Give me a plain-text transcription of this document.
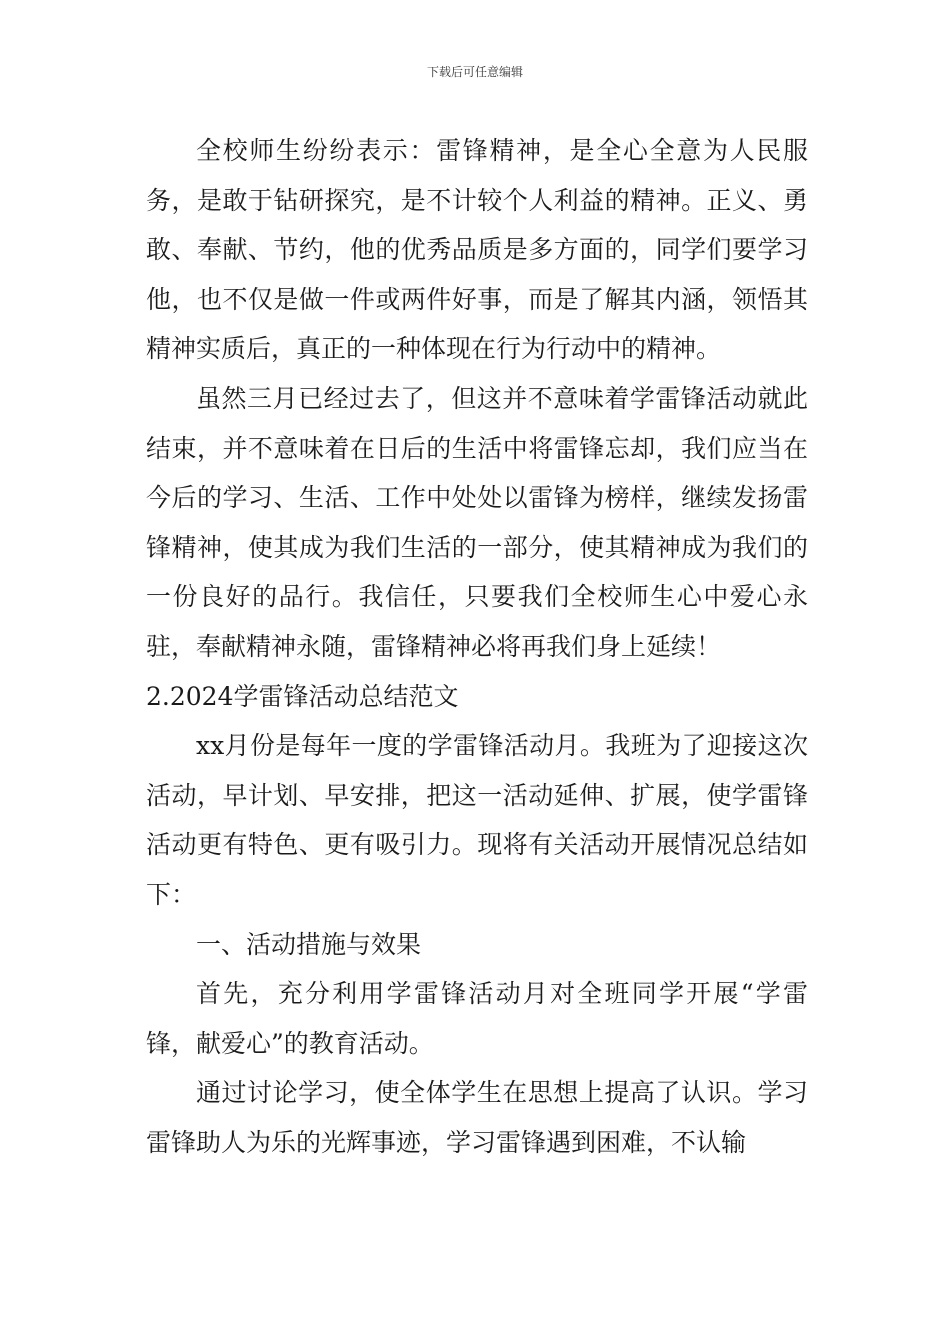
下载后可任意编辑

全校师生纷纷表示：雷锋精神，是全心全意为人民服务，是敢于钻研探究，是不计较个人利益的精神。正义、勇敢、奉献、节约，他的优秀品质是多方面的，同学们要学习他，也不仅是做一件或两件好事，而是了解其内涵，领悟其精神实质后，真正的一种体现在行为行动中的精神。

虽然三月已经过去了，但这并不意味着学雷锋活动就此结束，并不意味着在日后的生活中将雷锋忘却，我们应当在今后的学习、生活、工作中处处以雷锋为榜样，继续发扬雷锋精神，使其成为我们生活的一部分，使其精神成为我们的一份良好的品行。我信任，只要我们全校师生心中爱心永驻，奉献精神永随，雷锋精神必将再我们身上延续！

2.2024学雷锋活动总结范文

xx月份是每年一度的学雷锋活动月。我班为了迎接这次活动，早计划、早安排，把这一活动延伸、扩展，使学雷锋活动更有特色、更有吸引力。现将有关活动开展情况总结如下：

一、活动措施与效果

首先，充分利用学雷锋活动月对全班同学开展“学雷锋，献爱心”的教育活动。

通过讨论学习，使全体学生在思想上提高了认识。学习雷锋助人为乐的光辉事迹，学习雷锋遇到困难，不认输
